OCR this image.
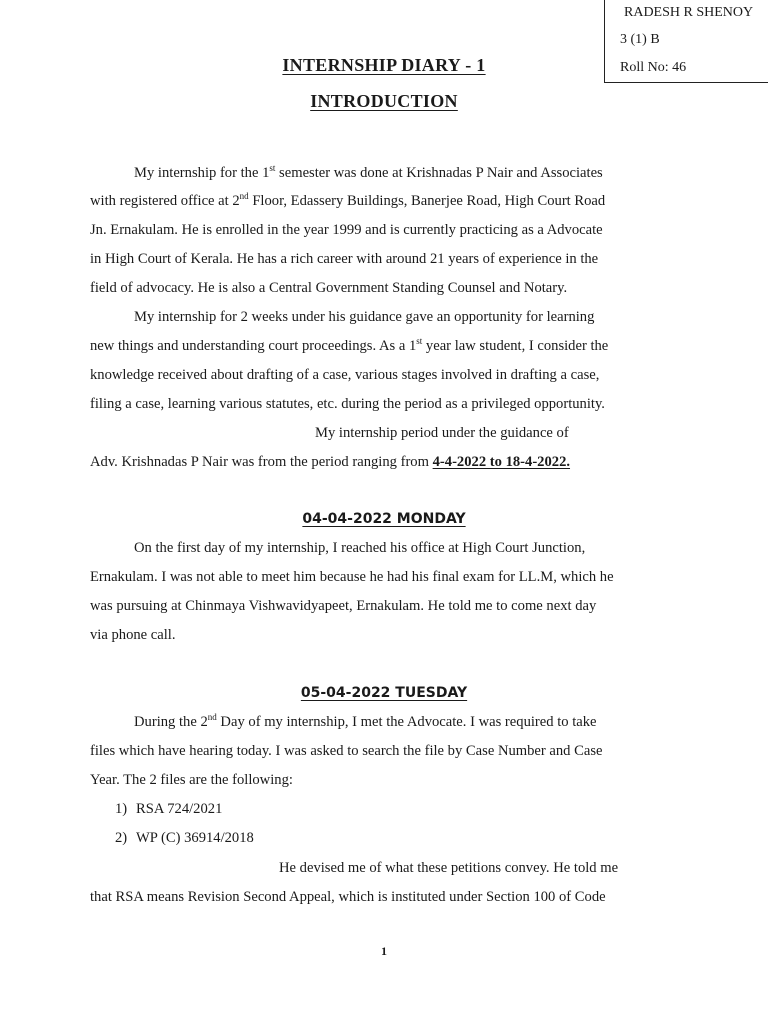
RADESH R SHENOY
3 (1) B
Roll No: 46
INTERNSHIP DIARY - 1
INTRODUCTION
My internship for the 1st semester was done at Krishnadas P Nair and Associates
with registered office at 2nd Floor, Edassery Buildings, Banerjee Road, High Court Road
Jn. Ernakulam. He is enrolled in the year 1999 and is currently practicing as a Advocate
in High Court of Kerala. He has a rich career with around 21 years of experience in the
field of advocacy. He is also a Central Government Standing Counsel and Notary.
My internship for 2 weeks under his guidance gave an opportunity for learning
new things and understanding court proceedings. As a 1st year law student, I consider the
knowledge received about drafting of a case, various stages involved in drafting a case,
filing a case, learning various statutes, etc. during the period as a privileged opportunity.
My internship period under the guidance of
Adv. Krishnadas P Nair was from the period ranging from 4-4-2022 to 18-4-2022.
04-04-2022 MONDAY
On the first day of my internship, I reached his office at High Court Junction,
Ernakulam. I was not able to meet him because he had his final exam for LL.M, which he
was pursuing at Chinmaya Vishwavidyapeet, Ernakulam. He told me to come next day
via phone call.
05-04-2022 TUESDAY
During the 2nd Day of my internship, I met the Advocate. I was required to take
files which have hearing today. I was asked to search the file by Case Number and Case
Year. The 2 files are the following:
1) RSA 724/2021
2) WP (C) 36914/2018
He devised me of what these petitions convey. He told me
that RSA means Revision Second Appeal, which is instituted under Section 100 of Code
1
